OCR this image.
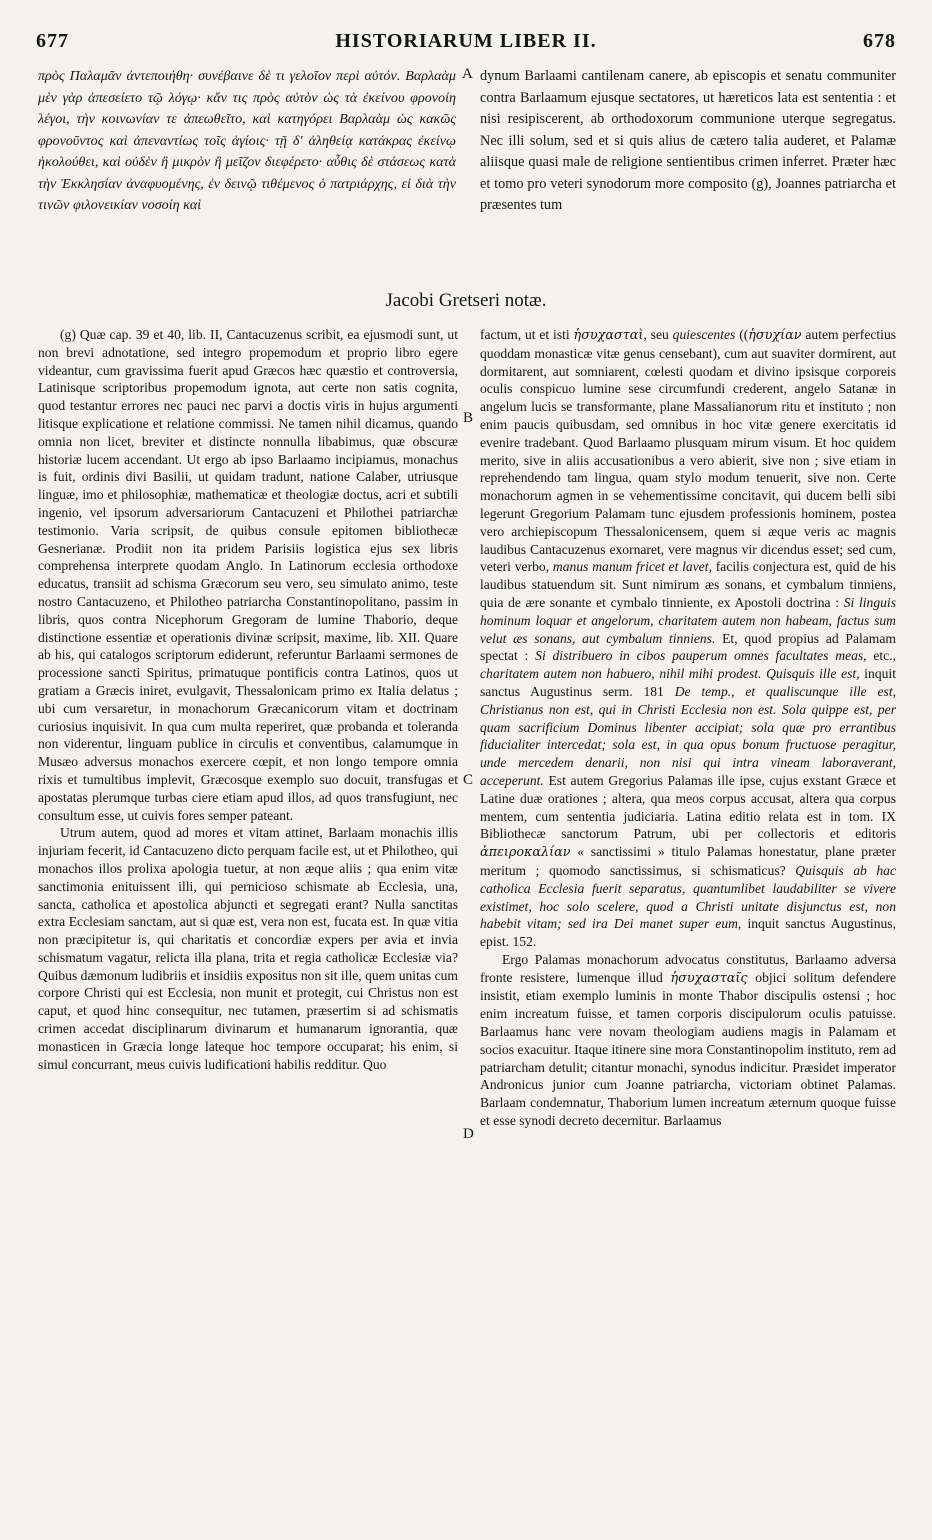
677	HISTORIARUM LIBER II.	678

πρὸς Παλαμᾶν ἀντεποιήθη· συνέβαινε δὲ τι γελοῖον περὶ αὐτόν. Βαρλαὰμ μὲν γὰρ ἀπεσείετο τῷ λόγῳ· κἄν τις πρὸς αὐτὸν ὡς τὰ ἐκείνου φρονοίη λέγοι, τὴν κοινωνίαν τε ἀπεωθεῖτο, καὶ κατηγόρει Βαρλαὰμ ὡς κακῶς φρονοῦντος καὶ ἀπεναντίως τοῖς ἁγίοις· τῇ δ' ἀληθείᾳ κατάκρας ἐκείνῳ ἠκολούθει, καὶ οὐδὲν ἢ μικρὸν ἢ μεῖζον διεφέρετο· αὖθις δὲ στάσεως κατὰ τὴν Ἐκκλησίαν ἀναφυομένης, ἐν δεινῷ τιθέμενος ὁ πατριάρχης, εἰ διὰ τὴν τινῶν φιλονεικίαν νοσοίη καὶ

A dynum Barlaami cantilenam canere, ab episcopis et senatu communiter contra Barlaamum ejusque sectatores, ut hæreticos lata est sententia : et nisi resipiscerent, ab orthodoxorum communione uterque segregatus. Nec illi solum, sed et si quis alius de cætero talia auderet, et Palamæ aliisque quasi male de religione sentientibus crimen inferret. Præter hæc et tomo pro veteri synodorum more composito (g), Joannes patriarcha et præsentes tum

Jacobi Gretseri notæ.

(g) Quæ cap. 39 et 40, lib. II, Cantacuzenus scribit, ea ejusmodi sunt, ut non brevi adnotatione, sed integro propemodum et proprio libro egere videantur, cum gravissima fuerit apud Græcos hæc quæstio et controversia, Latinisque scriptoribus propemodum ignota, aut certe non satis cognita, quod testantur errores nec pauci nec parvi a doctis viris in hujus argumenti litisque explicatione et relatione commissi. Ne tamen nihil dicamus, quando omnia non licet, breviter et distincte nonnulla libabimus, quæ obscuræ historiæ lucem accendant. Ut ergo ab ipso Barlaamo incipiamus, monachus is fuit, ordinis divi Basilii, ut quidam tradunt, natione Calaber, utriusque linguæ, imo et philosophiæ, mathematicæ et theologiæ doctus, acri et subtili ingenio, vel ipsorum adversariorum Cantacuzeni et Philothei patriarchæ testimonio. Varia scripsit, de quibus consule epitomen bibliothecæ Gesnerianæ. Prodiit non ita pridem Parisiis logistica ejus sex libris comprehensa interprete quodam Anglo. In Latinorum ecclesia orthodoxe educatus, transiit ad schisma Græcorum seu vero, seu simulato animo, teste nostro Cantacuzeno, et Philotheo patriarcha Constantinopolitano, passim in libris, quos contra Nicephorum Gregoram de lumine Thaborio, deque distinctione essentiæ et operationis divinæ scripsit, maxime, lib. XII. Quare ab his, qui catalogos scriptorum ediderunt, referuntur Barlaami sermones de processione sancti Spiritus, primatuque pontificis contra Latinos, quos ut gratiam a Græcis iniret, evulgavit, Thessalonicam primo ex Italia delatus ; ubi cum versaretur, in monachorum Græcanicorum vitam et doctrinam curiosius inquisivit. In qua cum multa reperiret, quæ probanda et toleranda non viderentur, linguam publice in circulis et conventibus, calamumque in Musæo adversus monachos exercere cœpit, et non longo tempore omnia rixis et tumultibus implevit, Græcosque exemplo suo docuit, transfugas et apostatas plerumque turbas ciere etiam apud illos, ad quos transfugiunt, nec consultum esse, ut cuivis fores semper pateant.

Utrum autem, quod ad mores et vitam attinet, Barlaam monachis illis injuriam fecerit, id Cantacuzeno dicto perquam facile est, ut et Philotheo, qui monachos illos prolixa apologia tuetur, at non æque aliis ; qua enim vitæ sanctimonia enituissent illi, qui pernicioso schismate ab Ecclesia, una, sancta, catholica et apostolica abjuncti et segregati erant? Nulla sanctitas extra Ecclesiam sanctam, aut si quæ est, vera non est, fucata est. In quæ vitia non præcipitetur is, qui charitatis et concordiæ expers per avia et invia schismatum vagatur, relicta illa plana, trita et regia catholicæ Ecclesiæ via? Quibus dæmonum ludibriis et insidiis expositus non sit ille, quem unitas cum corpore Christi qui est Ecclesia, non munit et protegit, cui Christus non est caput, et quod hinc consequitur, nec tutamen, præsertim si ad schismatis crimen accedat disciplinarum divinarum et humanarum ignorantia, quæ monasticen in Græcia longe lateque hoc tempore occuparat; his enim, si simul concurrant, meus cuivis ludificationi habilis redditur. Quo

B
C
D

factum, ut et isti ἡσυχασταὶ, seu quiescentes ((ἡσυχίαν autem perfectius quoddam monasticæ vitæ genus censebant), cum aut suaviter dormirent, aut dormitarent, aut somniarent, cœlesti quodam et divino ipsisque corporeis oculis conspicuo lumine sese circumfundi crederent, angelo Satanæ in angelum lucis se transformante, plane Massalianorum ritu et instituto ; non enim paucis quibusdam, sed omnibus in hoc vitæ genere exercitatis id evenire tradebant. Quod Barlaamo plusquam mirum visum. Et hoc quidem merito, sive in aliis accusationibus a vero abierit, sive non ; sive etiam in reprehendendo tam lingua, quam stylo modum tenuerit, sive non. Certe monachorum agmen in se vehementissime concitavit, qui ducem belli sibi legerunt Gregorium Palamam tunc ejusdem professionis hominem, postea vero archiepiscopum Thessalonicensem, quem si æque veris ac magnis laudibus Cantacuzenus exornaret, vere magnus vir dicendus esset; sed cum, veteri verbo, manus manum fricet et lavet, facilis conjectura est, quid de his laudibus statuendum sit. Sunt nimirum æs sonans, et cymbalum tinniens, quia de ære sonante et cymbalo tinniente, ex Apostoli doctrina : Si linguis hominum loquar et angelorum, charitatem autem non habeam, factus sum velut æs sonans, aut cymbalum tinniens. Et, quod propius ad Palamam spectat : Si distribuero in cibos pauperum omnes facultates meas, etc., charitatem autem non habuero, nihil mihi prodest. Quisquis ille est, inquit sanctus Augustinus serm. 181 De temp., et qualiscunque ille est, Christianus non est, qui in Christi Ecclesia non est. Sola quippe est, per quam sacrificium Dominus libenter accipiat; sola quæ pro errantibus fiducialiter intercedat; sola est, in qua opus bonum fructuose peragitur, unde mercedem denarii, non nisi qui intra vineam laboraverant, acceperunt. Est autem Gregorius Palamas ille ipse, cujus exstant Græce et Latine duæ orationes ; altera, qua meos corpus accusat, altera qua corpus mentem, cum sententia judiciaria. Latina editio relata est in tom. IX Bibliothecæ sanctorum Patrum, ubi per collectoris et editoris ἀπειροκαλίαν « sanctissimi » titulo Palamas honestatur, plane præter meritum ; quomodo sanctissimus, si schismaticus? Quisquis ab hac catholica Ecclesia fuerit separatus, quantumlibet laudabiliter se vivere existimet, hoc solo scelere, quod a Christi unitate disjunctus est, non habebit vitam; sed ira Dei manet super eum, inquit sanctus Augustinus, epist. 152.

Ergo Palamas monachorum advocatus constitutus, Barlaamo adversa fronte resistere, lumenque illud ἡσυχασταῖς objici solitum defendere insistit, etiam exemplo luminis in monte Thabor discipulis ostensi ; hoc enim increatum fuisse, et tamen corporis discipulorum oculis patuisse. Barlaamus hanc vere novam theologiam audiens magis in Palamam et socios exacuitur. Itaque itinere sine mora Constantinopolim instituto, rem ad patriarcham detulit; citantur monachi, synodus indicitur. Præsidet imperator Andronicus junior cum Joanne patriarcha, victoriam obtinet Palamas. Barlaam condemnatur, Thaborium lumen increatum æternum quoque fuisse et esse synodi decreto decernitur. Barlaamus
